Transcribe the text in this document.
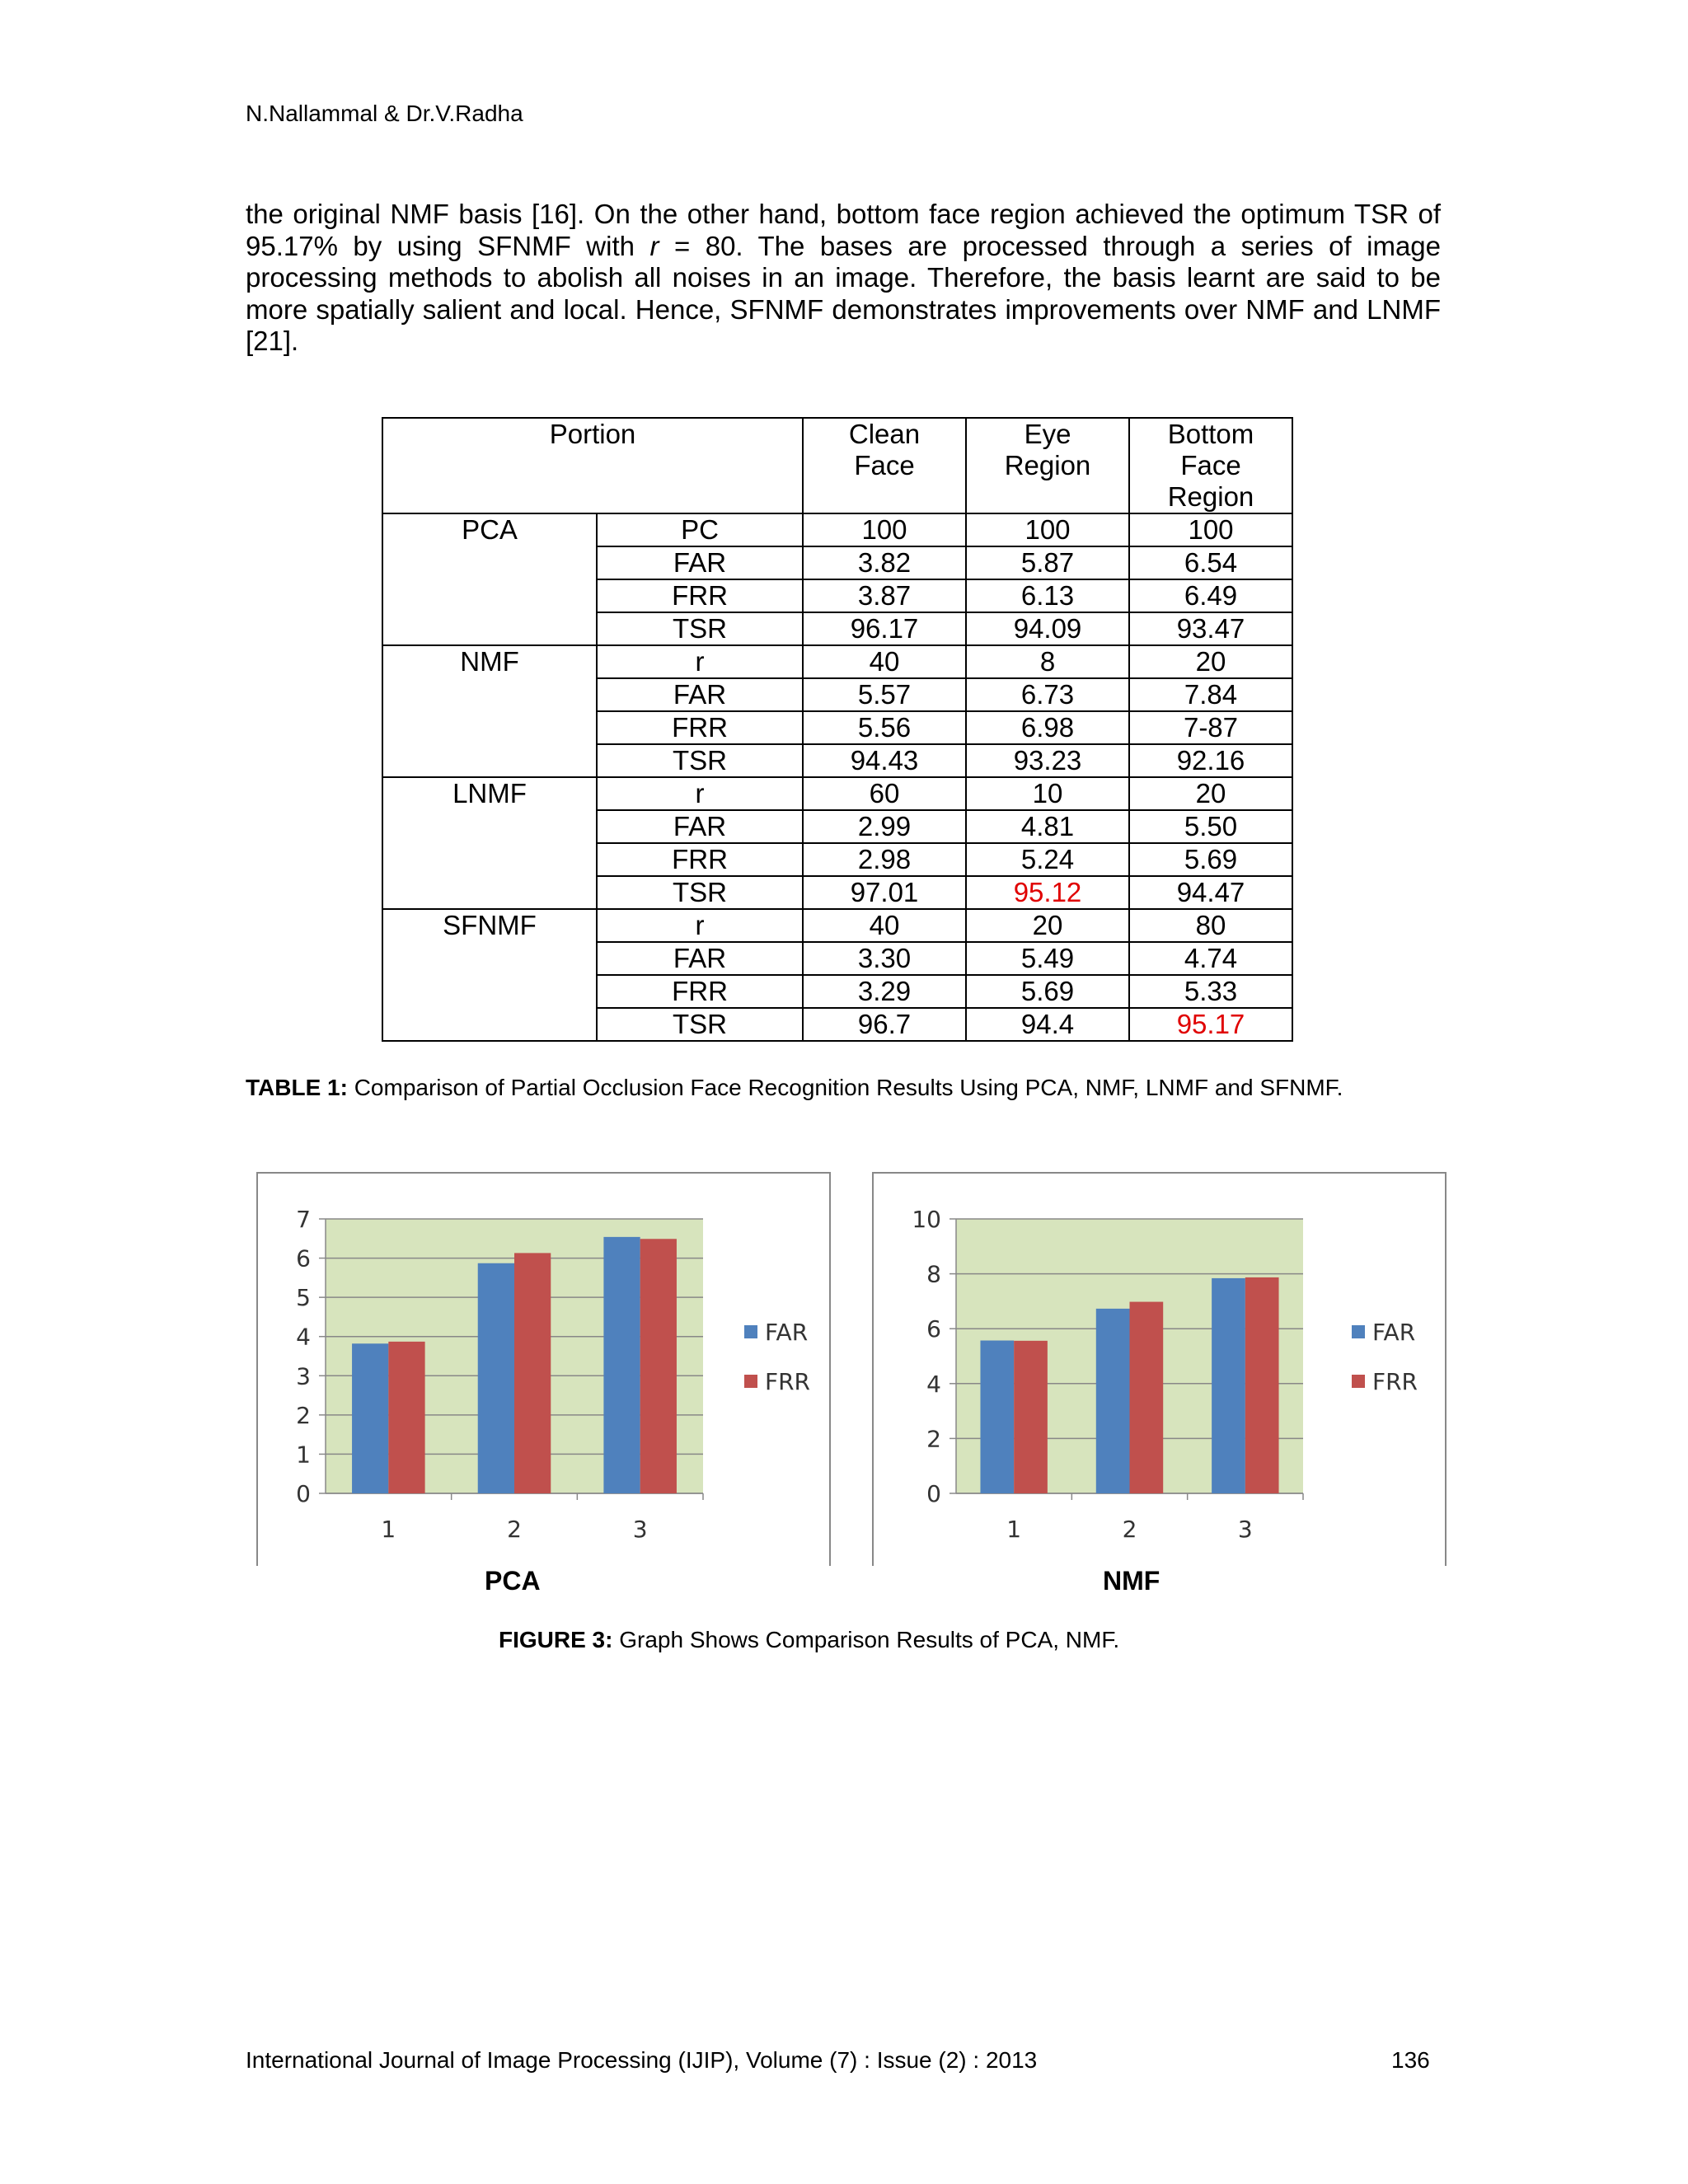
N.Nallammal & Dr.V.Radha
the original NMF basis [16]. On the other hand, bottom face region achieved the optimum TSR of 95.17% by using SFNMF with r = 80. The bases are processed through a series of image processing methods to abolish all noises in an image. Therefore, the basis learnt are said to be more spatially salient and local. Hence, SFNMF demonstrates improvements over NMF and LNMF [21].
Portion		Clean Face	Eye Region	Bottom Face Region
PCA	PC	100	100	100
	FAR	3.82	5.87	6.54
	FRR	3.87	6.13	6.49
	TSR	96.17	94.09	93.47
NMF	r	40	8	20
	FAR	5.57	6.73	7.84
	FRR	5.56	6.98	7-87
	TSR	94.43	93.23	92.16
LNMF	r	60	10	20
	FAR	2.99	4.81	5.50
	FRR	2.98	5.24	5.69
	TSR	97.01	95.12	94.47
SFNMF	r	40	20	80
	FAR	3.30	5.49	4.74
	FRR	3.29	5.69	5.33
	TSR	96.7	94.4	95.17
TABLE 1: Comparison of Partial Occlusion Face Recognition Results Using PCA, NMF, LNMF and SFNMF.
0
1
2
3
4
5
6
7
1	2	3
FAR
FRR
0
2
4
6
8
10
1	2	3
FAR
FRR
PCA	NMF
FIGURE 3: Graph Shows Comparison Results of PCA, NMF.
International Journal of Image Processing (IJIP), Volume (7) : Issue (2) : 2013	136
